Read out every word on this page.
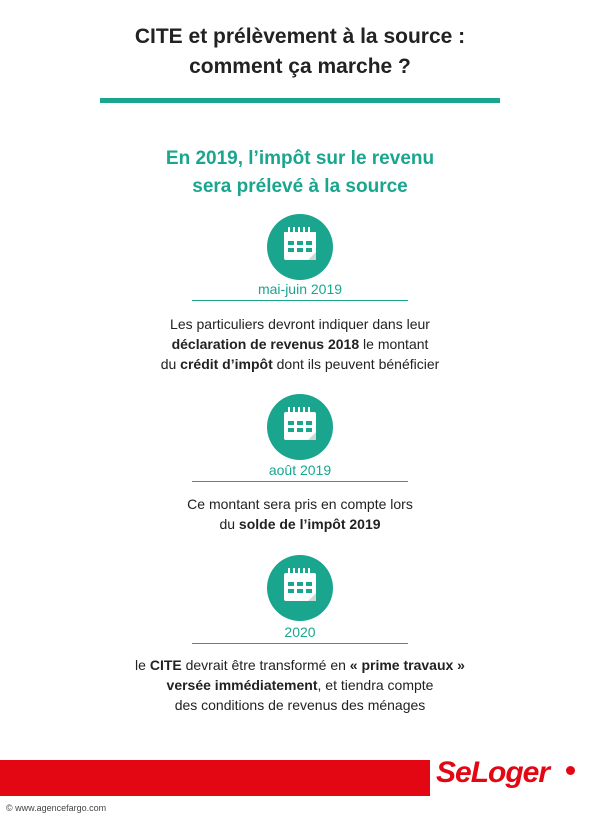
CITE et prélèvement à la source :
comment ça marche ?
En 2019, l’impôt sur le revenu
sera prélevé à la source
mai-juin 2019
Les particuliers devront indiquer dans leur
déclaration de revenus 2018 le montant
du crédit d’impôt dont ils peuvent bénéficier
août 2019
Ce montant sera pris en compte lors
du solde de l’impôt 2019
2020
le CITE devrait être transformé en « prime travaux »
versée immédiatement, et tiendra compte
des conditions de revenus des ménages
SeLoger
© www.agencefargo.com
